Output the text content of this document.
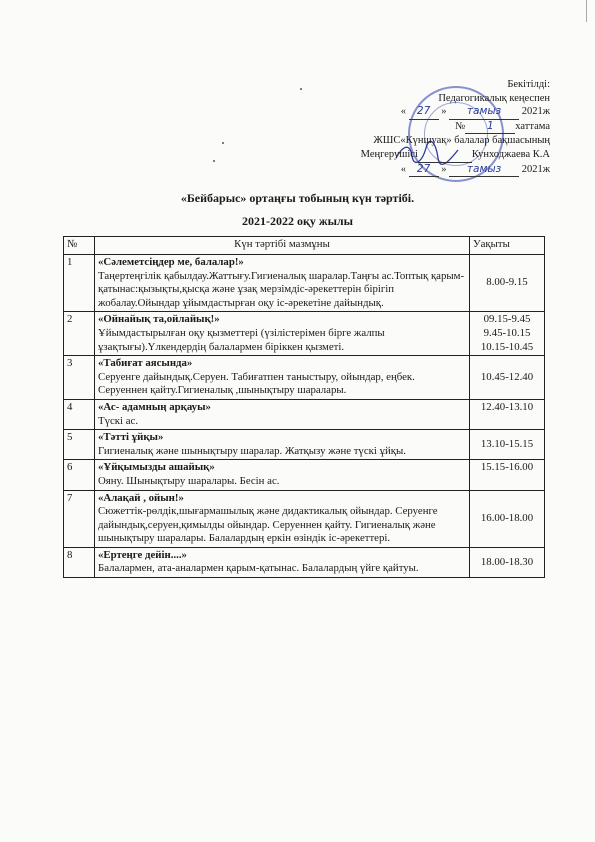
Бекітілді:
Педагогикалық кеңеспен
« 27 » тамыз 2021ж
№ 1 хаттама
ЖШС«Күншуақ» балалар бақшасының
Меңгерушісі	Кунходжаева К.А
« 27 » тамыз 2021ж
«Бейбарыс» ортаңғы тобының күн тәртібі.
2021-2022 оқу жылы
№	Күн тәртібі мазмұны	Уақыты
1	«Сәлеметсіңдер ме, балалар!»
Таңертеңгілік қабылдау.Жаттығу.Гигиеналық шаралар.Таңғы ас.Топтық қарым-қатынас:қызықты,қысқа және ұзақ мерзімдіс-әрекеттерін бірігіп жобалау.Ойындар ұйымдастырған оқу іс-әрекетіне дайындық.	8.00-9.15

2	«Ойнайық та,ойлайық!»
Ұйымдастырылған оқу қызметтері (үзілістерімен бірге жалпы ұзақтығы).Үлкендердің балалармен біріккен қызметі.	09.15-9.45
9.45-10.15
10.15-10.45

3	«Табиғат аясында»
Серуенге дайындық.Серуен. Табиғатпен таныстыру, ойындар, еңбек. Серуеннен қайту.Гигиеналық ,шынықтыру шаралары.	10.45-12.40

4	«Ас- адамның арқауы»
Түскі ас.	12.40-13.10

5	«Тәтті ұйқы»
Гигиеналық және шынықтыру шаралар. Жатқызу және түскі ұйқы.	13.10-15.15

6	«Ұйқымызды ашайық»
Ояну. Шынықтыру шаралары. Бесін ас.	15.15-16.00

7	«Алақай , ойын!»
Сюжеттік-рөлдік,шығармашылық және дидактикалық ойындар. Серуенге дайындық,серуен,қимылды ойындар. Серуеннен қайту. Гигиеналық және шынықтыру шаралары. Балалардың еркін өзіндік іс-әрекеттері.	16.00-18.00

8	«Ертеңге дейін....»
Балалармен, ата-аналармен қарым-қатынас. Балалардың үйге қайтуы.	18.00-18.30
